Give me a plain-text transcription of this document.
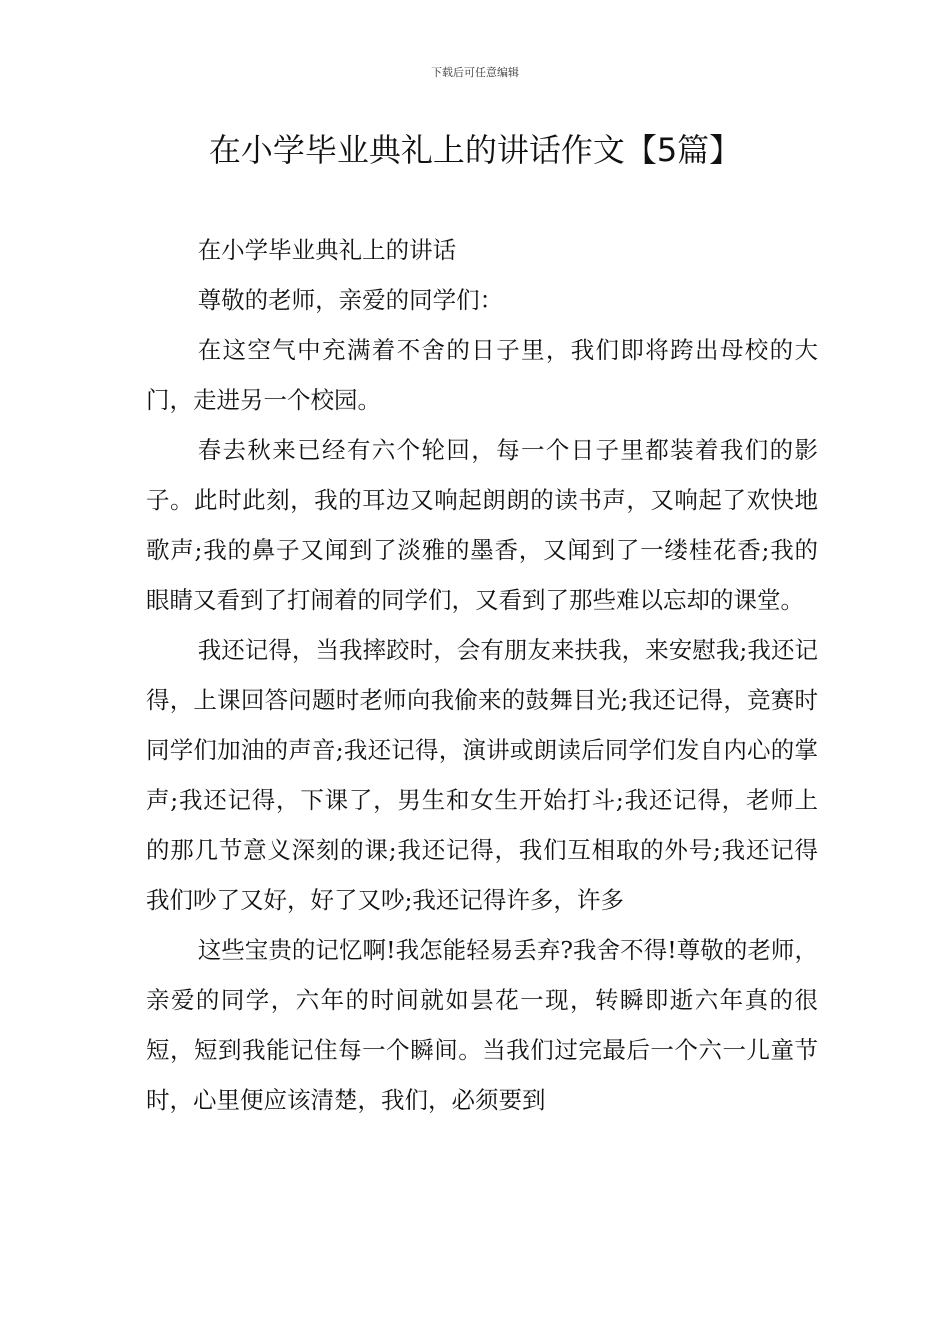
下载后可任意编辑
在小学毕业典礼上的讲话作文【5篇】

在小学毕业典礼上的讲话

尊敬的老师，亲爱的同学们：

在这空气中充满着不舍的日子里，我们即将跨出母校的大门，走进另一个校园。

春去秋来已经有六个轮回，每一个日子里都装着我们的影子。此时此刻，我的耳边又响起朗朗的读书声，又响起了欢快地歌声;我的鼻子又闻到了淡雅的墨香，又闻到了一缕桂花香;我的眼睛又看到了打闹着的同学们，又看到了那些难以忘却的课堂。

我还记得，当我摔跤时，会有朋友来扶我，来安慰我;我还记得，上课回答问题时老师向我偷来的鼓舞目光;我还记得，竞赛时同学们加油的声音;我还记得，演讲或朗读后同学们发自内心的掌声;我还记得，下课了，男生和女生开始打斗;我还记得，老师上的那几节意义深刻的课;我还记得，我们互相取的外号;我还记得我们吵了又好，好了又吵;我还记得许多，许多

这些宝贵的记忆啊!我怎能轻易丢弃?我舍不得!尊敬的老师，亲爱的同学，六年的时间就如昙花一现，转瞬即逝六年真的很短，短到我能记住每一个瞬间。当我们过完最后一个六一儿童节时，心里便应该清楚，我们，必须要到
